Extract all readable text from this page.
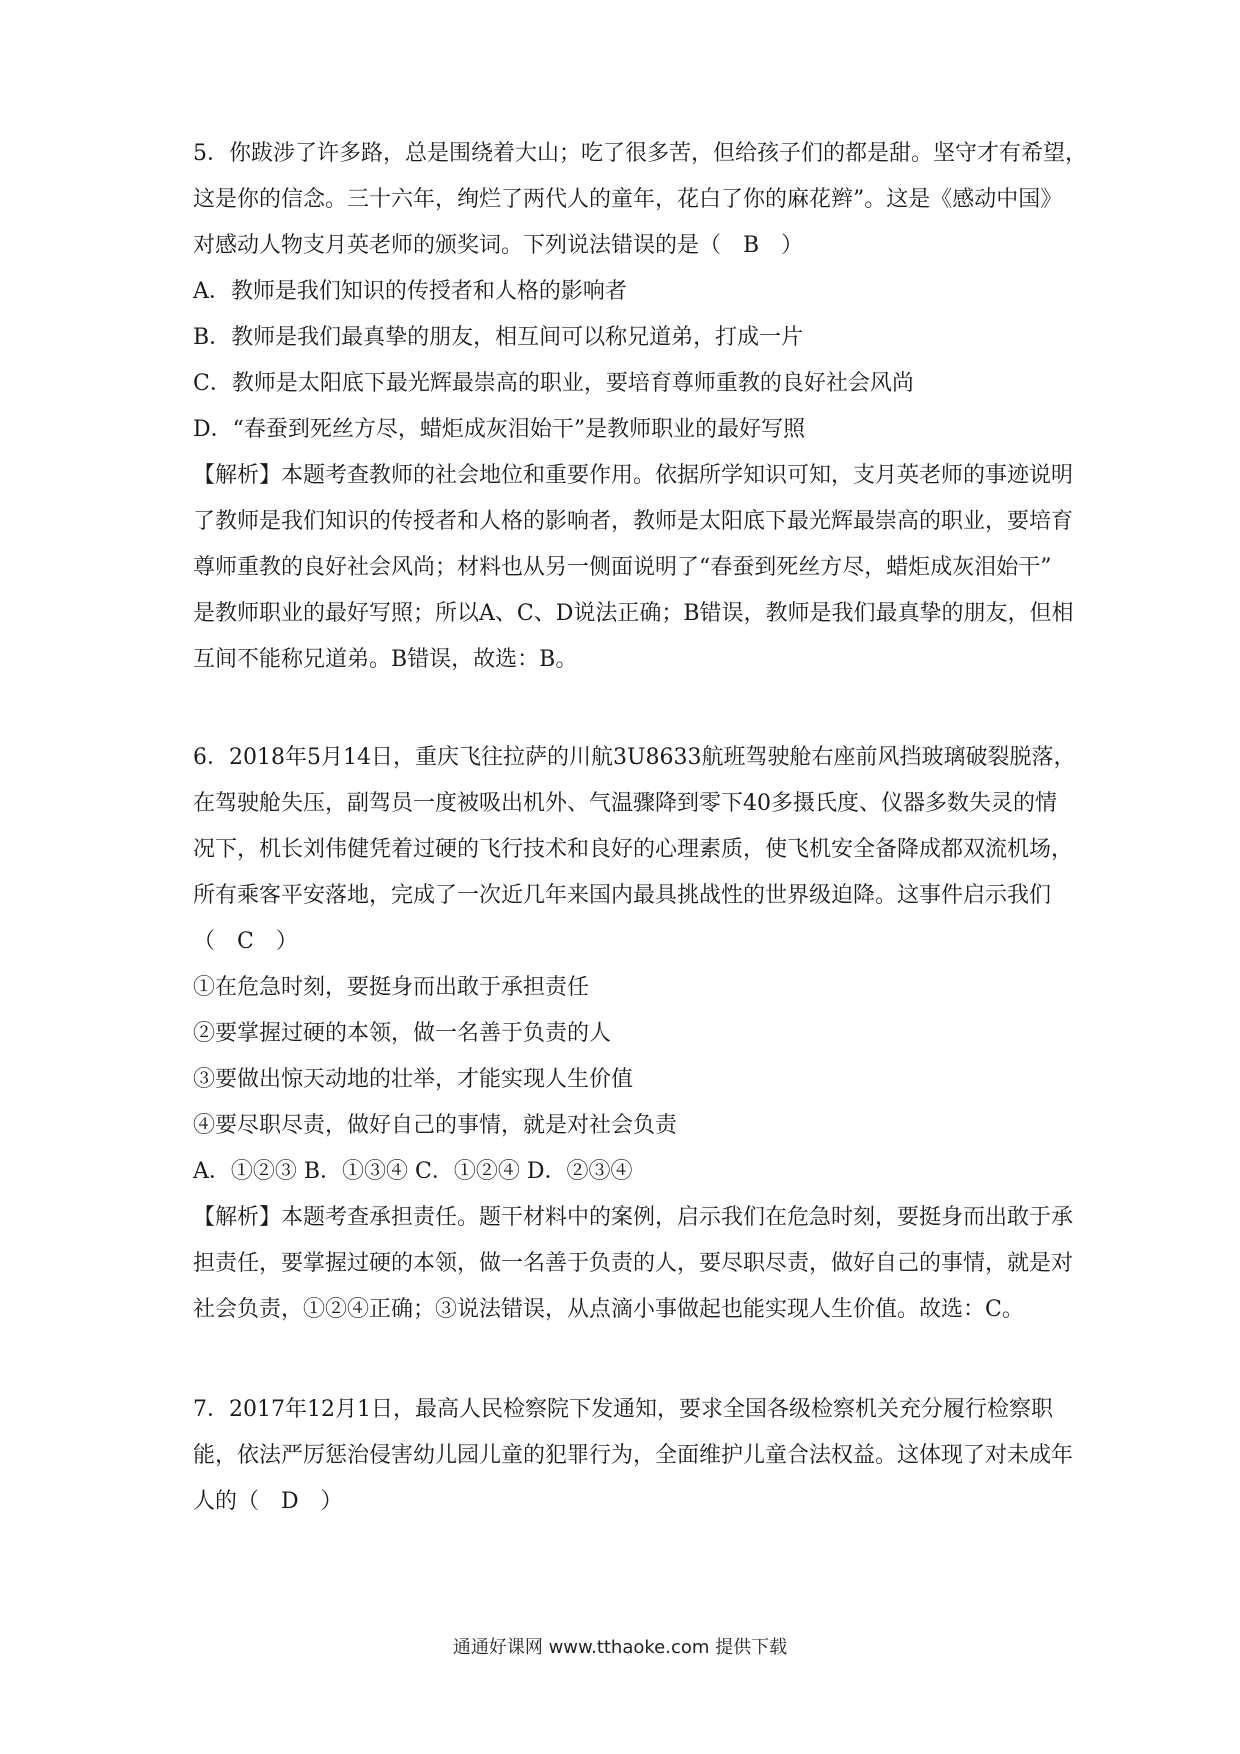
5．你跋涉了许多路，总是围绕着大山；吃了很多苦，但给孩子们的都是甜。坚守才有希望，
这是你的信念。三十六年，绚烂了两代人的童年，花白了你的麻花辫”。这是《感动中国》
对感动人物支月英老师的颁奖词。下列说法错误的是（　B　）
A．教师是我们知识的传授者和人格的影响者
B．教师是我们最真挚的朋友，相互间可以称兄道弟，打成一片
C．教师是太阳底下最光辉最崇高的职业，要培育尊师重教的良好社会风尚
D．“春蚕到死丝方尽，蜡炬成灰泪始干”是教师职业的最好写照
【解析】本题考查教师的社会地位和重要作用。依据所学知识可知，支月英老师的事迹说明
了教师是我们知识的传授者和人格的影响者，教师是太阳底下最光辉最崇高的职业，要培育
尊师重教的良好社会风尚；材料也从另一侧面说明了“春蚕到死丝方尽，蜡炬成灰泪始干”
是教师职业的最好写照；所以A、C、D说法正确；B错误，教师是我们最真挚的朋友，但相
互间不能称兄道弟。B错误，故选：B。
6．2018年5月14日，重庆飞往拉萨的川航3U8633航班驾驶舱右座前风挡玻璃破裂脱落，
在驾驶舱失压，副驾员一度被吸出机外、气温骤降到零下40多摄氏度、仪器多数失灵的情
况下，机长刘伟健凭着过硬的飞行技术和良好的心理素质，使飞机安全备降成都双流机场，
所有乘客平安落地，完成了一次近几年来国内最具挑战性的世界级迫降。这事件启示我们
（　C　）
①在危急时刻，要挺身而出敢于承担责任
②要掌握过硬的本领，做一名善于负责的人
③要做出惊天动地的壮举，才能实现人生价值
④要尽职尽责，做好自己的事情，就是对社会负责
A．①②③ B．①③④ C．①②④ D．②③④
【解析】本题考查承担责任。题干材料中的案例，启示我们在危急时刻，要挺身而出敢于承
担责任，要掌握过硬的本领，做一名善于负责的人，要尽职尽责，做好自己的事情，就是对
社会负责，①②④正确；③说法错误，从点滴小事做起也能实现人生价值。故选：C。
7．2017年12月1日，最高人民检察院下发通知，要求全国各级检察机关充分履行检察职
能，依法严厉惩治侵害幼儿园儿童的犯罪行为，全面维护儿童合法权益。这体现了对未成年
人的（　D　）
通通好课网 www.tthaoke.com 提供下载
